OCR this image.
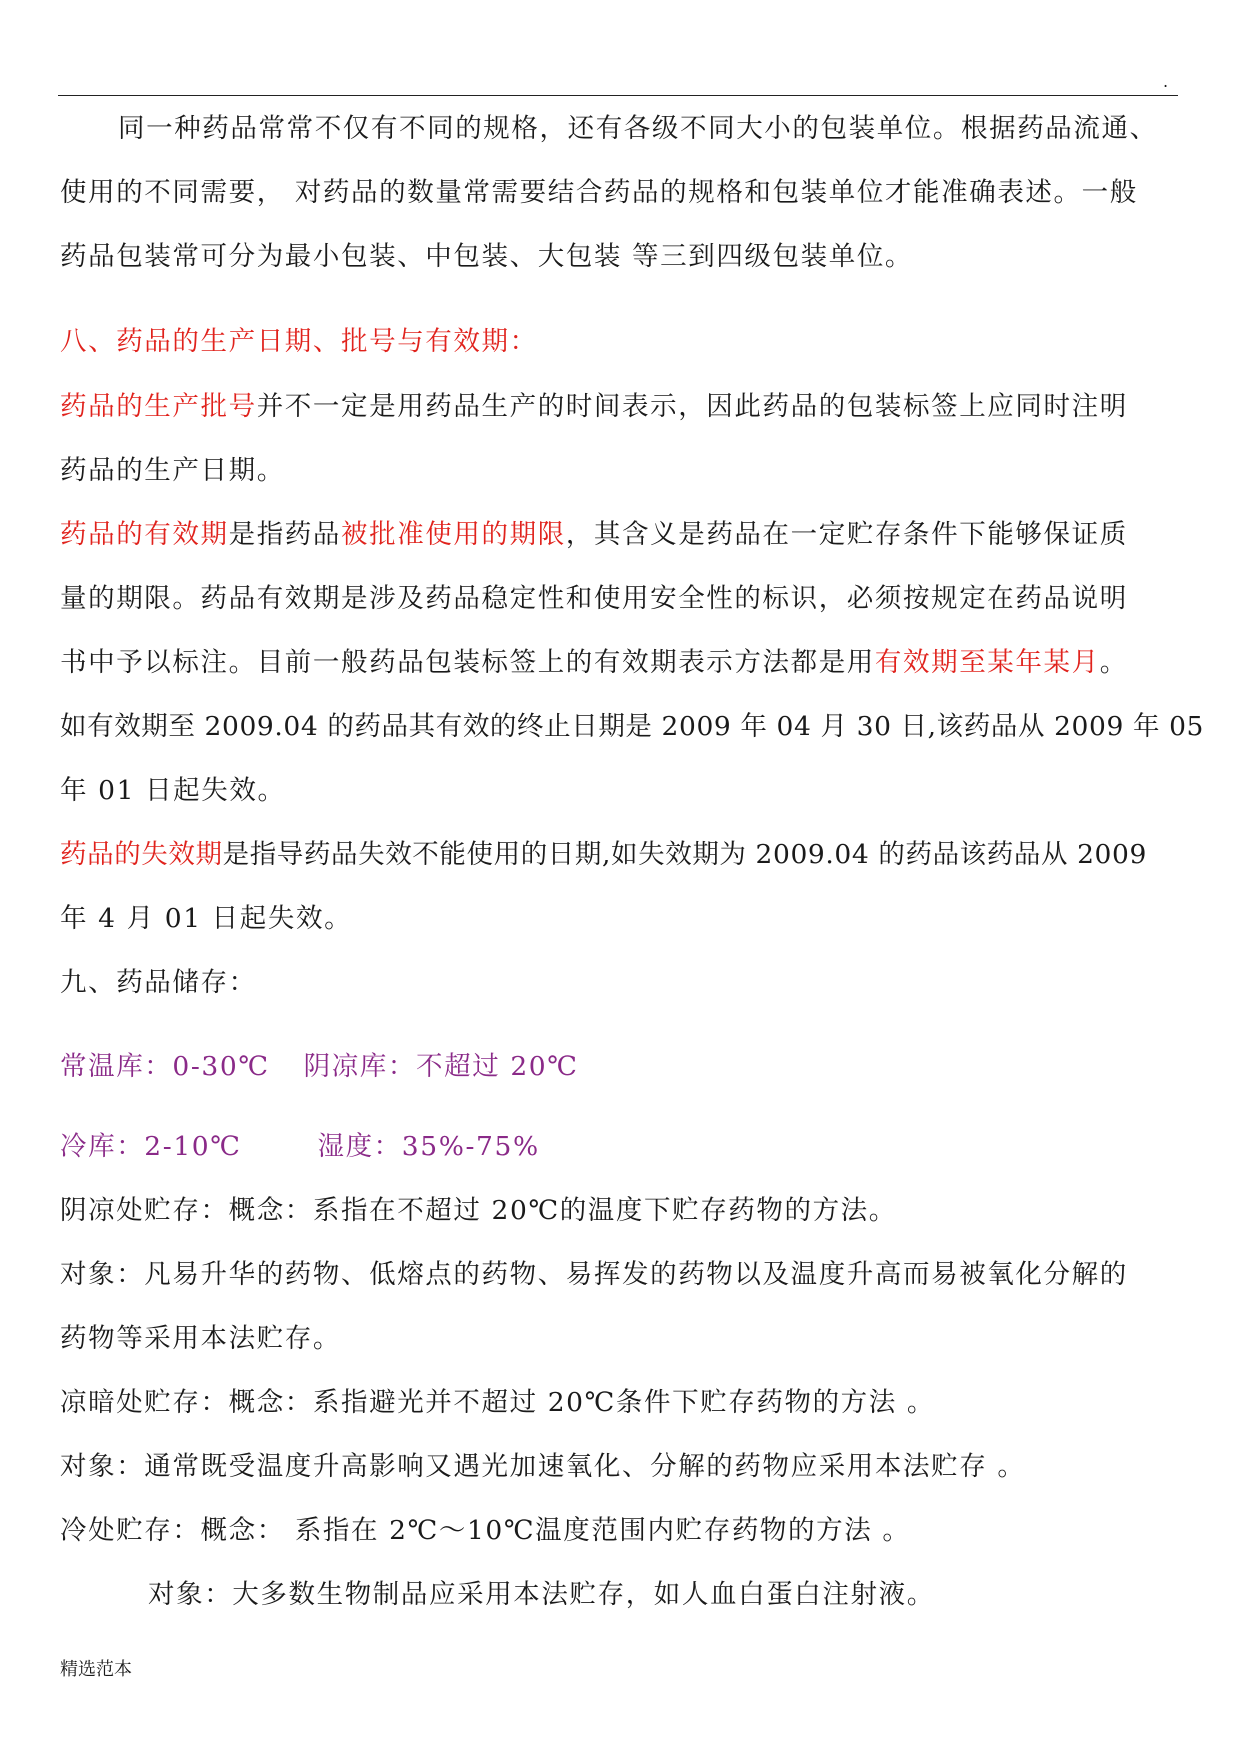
.
同一种药品常常不仅有不同的规格，还有各级不同大小的包装单位。根据药品流通、
使用的不同需要， 对药品的数量常需要结合药品的规格和包装单位才能准确表述。一般
药品包装常可分为最小包装、中包装、大包装 等三到四级包装单位。
八、药品的生产日期、批号与有效期：
药品的生产批号并不一定是用药品生产的时间表示，因此药品的包装标签上应同时注明
药品的生产日期。
药品的有效期是指药品被批准使用的期限，其含义是药品在一定贮存条件下能够保证质
量的期限。药品有效期是涉及药品稳定性和使用安全性的标识，必须按规定在药品说明
书中予以标注。目前一般药品包装标签上的有效期表示方法都是用有效期至某年某月。
如有效期至 2009.04 的药品其有效的终止日期是 2009 年 04 月 30 日,该药品从 2009 年 05
年 01 日起失效。
药品的失效期是指导药品失效不能使用的日期,如失效期为 2009.04 的药品该药品从 2009
年 4 月 01 日起失效。
九、药品储存：
常温库：0-30℃ 阴凉库：不超过 20℃
冷库：2-10℃	湿度：35%-75%
阴凉处贮存：概念：系指在不超过 20℃的温度下贮存药物的方法。
对象：凡易升华的药物、低熔点的药物、易挥发的药物以及温度升高而易被氧化分解的
药物等采用本法贮存。
凉暗处贮存：概念：系指避光并不超过 20℃条件下贮存药物的方法 。
对象：通常既受温度升高影响又遇光加速氧化、分解的药物应采用本法贮存 。
冷处贮存：概念： 系指在 2℃～10℃温度范围内贮存药物的方法 。
对象：大多数生物制品应采用本法贮存，如人血白蛋白注射液。
精选范本
